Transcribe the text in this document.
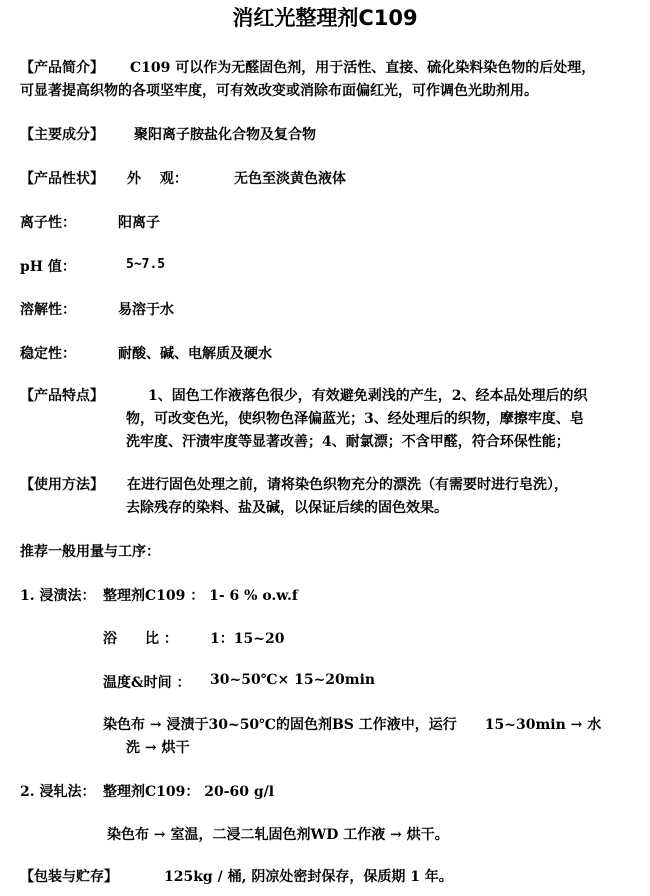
消红光整理剂C109
【产品简介】 C109 可以作为无醛固色剂，用于活性、直接、硫化染料染色物的后处理，
可显著提高织物的各项坚牢度，可有效改变或消除布面偏红光，可作调色光助剂用。
【主要成分】 聚阳离子胺盐化合物及复合物
【产品性状】 外　 观：	无色至淡黄色液体
离子性：	阳离子
pH 值：	5~7.5
溶解性：	易溶于水
稳定性：	耐酸、碱、电解质及硬水
【产品特点】	1、固色工作液落色很少，有效避免剥浅的产生，2、经本品处理后的织
物，可改变色光，使织物色泽偏蓝光；3、经处理后的织物，摩擦牢度、皂
洗牢度、汗渍牢度等显著改善；4、耐氯漂；不含甲醛，符合环保性能；
【使用方法】 在进行固色处理之前，请将染色织物充分的漂洗（有需要时进行皂洗），
去除残存的染料、盐及碱，以保证后续的固色效果。
推荐一般用量与工序：
1. 浸渍法： 整理剂C109 ： 1- 6 % o.w.f
浴　　比 ： 1：15~20
温度&时间 ： 30~50℃× 15~20min
染色布 → 浸渍于30~50℃的固色剂BS 工作液中，运行　　15~30min → 水
洗 → 烘干
2. 浸轧法： 整理剂C109： 20-60 g/l
染色布 → 室温，二浸二轧固色剂WD 工作液 → 烘干。
【包装与贮存】	125kg / 桶, 阴凉处密封保存，保质期 1 年。
